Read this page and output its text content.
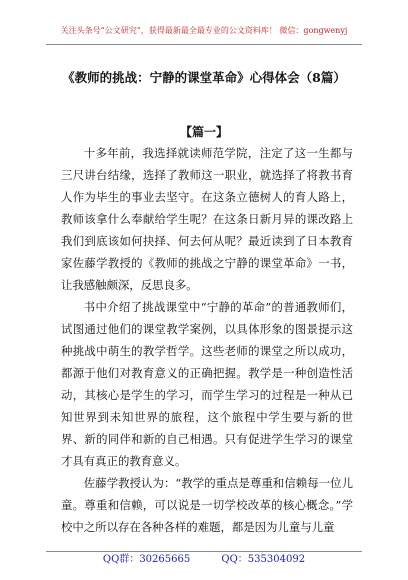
关注头条号“公文研究”，获得最新最全最专业的公文资料库！ 微信：gongwenyj
《教师的挑战：宁静的课堂革命》心得体会（8篇）
【篇一】

十多年前，我选择就读师范学院，注定了这一生都与三尺讲台结缘，选择了教师这一职业，就选择了将教书育人作为毕生的事业去坚守。在这条立德树人的育人路上，教师该拿什么奉献给学生呢？在这条日新月异的课改路上我们到底该如何抉择、何去何从呢？最近读到了日本教育家佐藤学教授的《教师的挑战之宁静的课堂革命》一书，让我感触颇深，反思良多。

书中介绍了挑战课堂中“宁静的革命”的普通教师们，试图通过他们的课堂教学案例，以具体形象的图景提示这种挑战中萌生的教学哲学。这些老师的课堂之所以成功，都源于他们对教育意义的正确把握。教学是一种创造性活动，其核心是学生的学习，而学生学习的过程是一种从已知世界到未知世界的旅程，这个旅程中学生要与新的世界、新的同伴和新的自己相遇。只有促进学生学习的课堂才具有真正的教育意义。

佐藤学教授认为：“教学的重点是尊重和信赖每一位儿童。尊重和信赖，可以说是一切学校改革的核心概念。”学校中之所以存在各种各样的难题，都是因为儿童与儿童

QQ群：30265665	QQ：535304092
